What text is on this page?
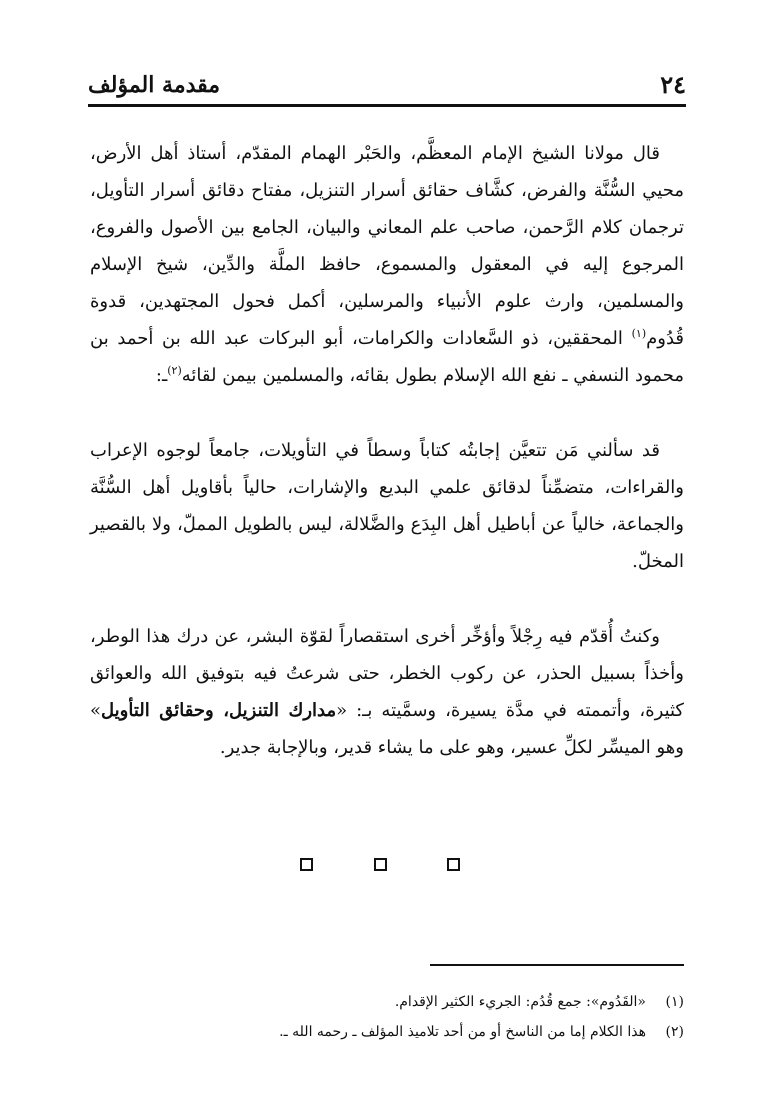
٢٤
مقدمة المؤلف

قال مولانا الشيخ الإمام المعظَّم، والحَبْر الهمام المقدّم، أستاذ أهل الأرض، محيي السُّنَّة والفرض، كشَّاف حقائق أسرار التنزيل، مفتاح دقائق أسرار التأويل، ترجمان كلام الرَّحمن، صاحب علم المعاني والبيان، الجامع بين الأصول والفروع، المرجوع إليه في المعقول والمسموع، حافظ الملَّة والدِّين، شيخ الإسلام والمسلمين، وارث علوم الأنبياء والمرسلين، أكمل فحول المجتهدين، قدوة قُدُوم$^{(١)}$ المحققين، ذو السَّعادات والكرامات، أبو البركات عبد الله بن أحمد بن محمود النسفي ـ نفع الله الإسلام بطول بقائه، والمسلمين بيمن لقائه$^{(٢)}$ـ:

قد سألني مَن تتعيَّن إجابتُه كتاباً وسطاً في التأويلات، جامعاً لوجوه الإعراب والقراءات، متضمِّناً لدقائق علمي البديع والإشارات، حالياً بأقاويل أهل السُّنَّة والجماعة، خالياً عن أباطيل أهل البِدَع والضَّلالة، ليس بالطويل المملّ، ولا بالقصير المخلّ.

وكنتُ أُقدّم فيه رِجْلاً وأؤخِّر أخرى استقصاراً لقوّة البشر، عن درك هذا الوطر، وأخذاً بسبيل الحذر، عن ركوب الخطر، حتى شرعتُ فيه بتوفيق الله والعوائق كثيرة، وأتممته في مدَّة يسيرة، وسمَّيته بـ: «مدارك التنزيل، وحقائق التأويل» وهو الميسِّر لكلِّ عسير، وهو على ما يشاء قدير، وبالإجابة جدير.

(١)«القَدُوم»: جمع قُدُم: الجريء الكثير الإقدام.

(٢)هذا الكلام إما من الناسخ أو من أحد تلاميذ المؤلف ـ رحمه الله ـ.
